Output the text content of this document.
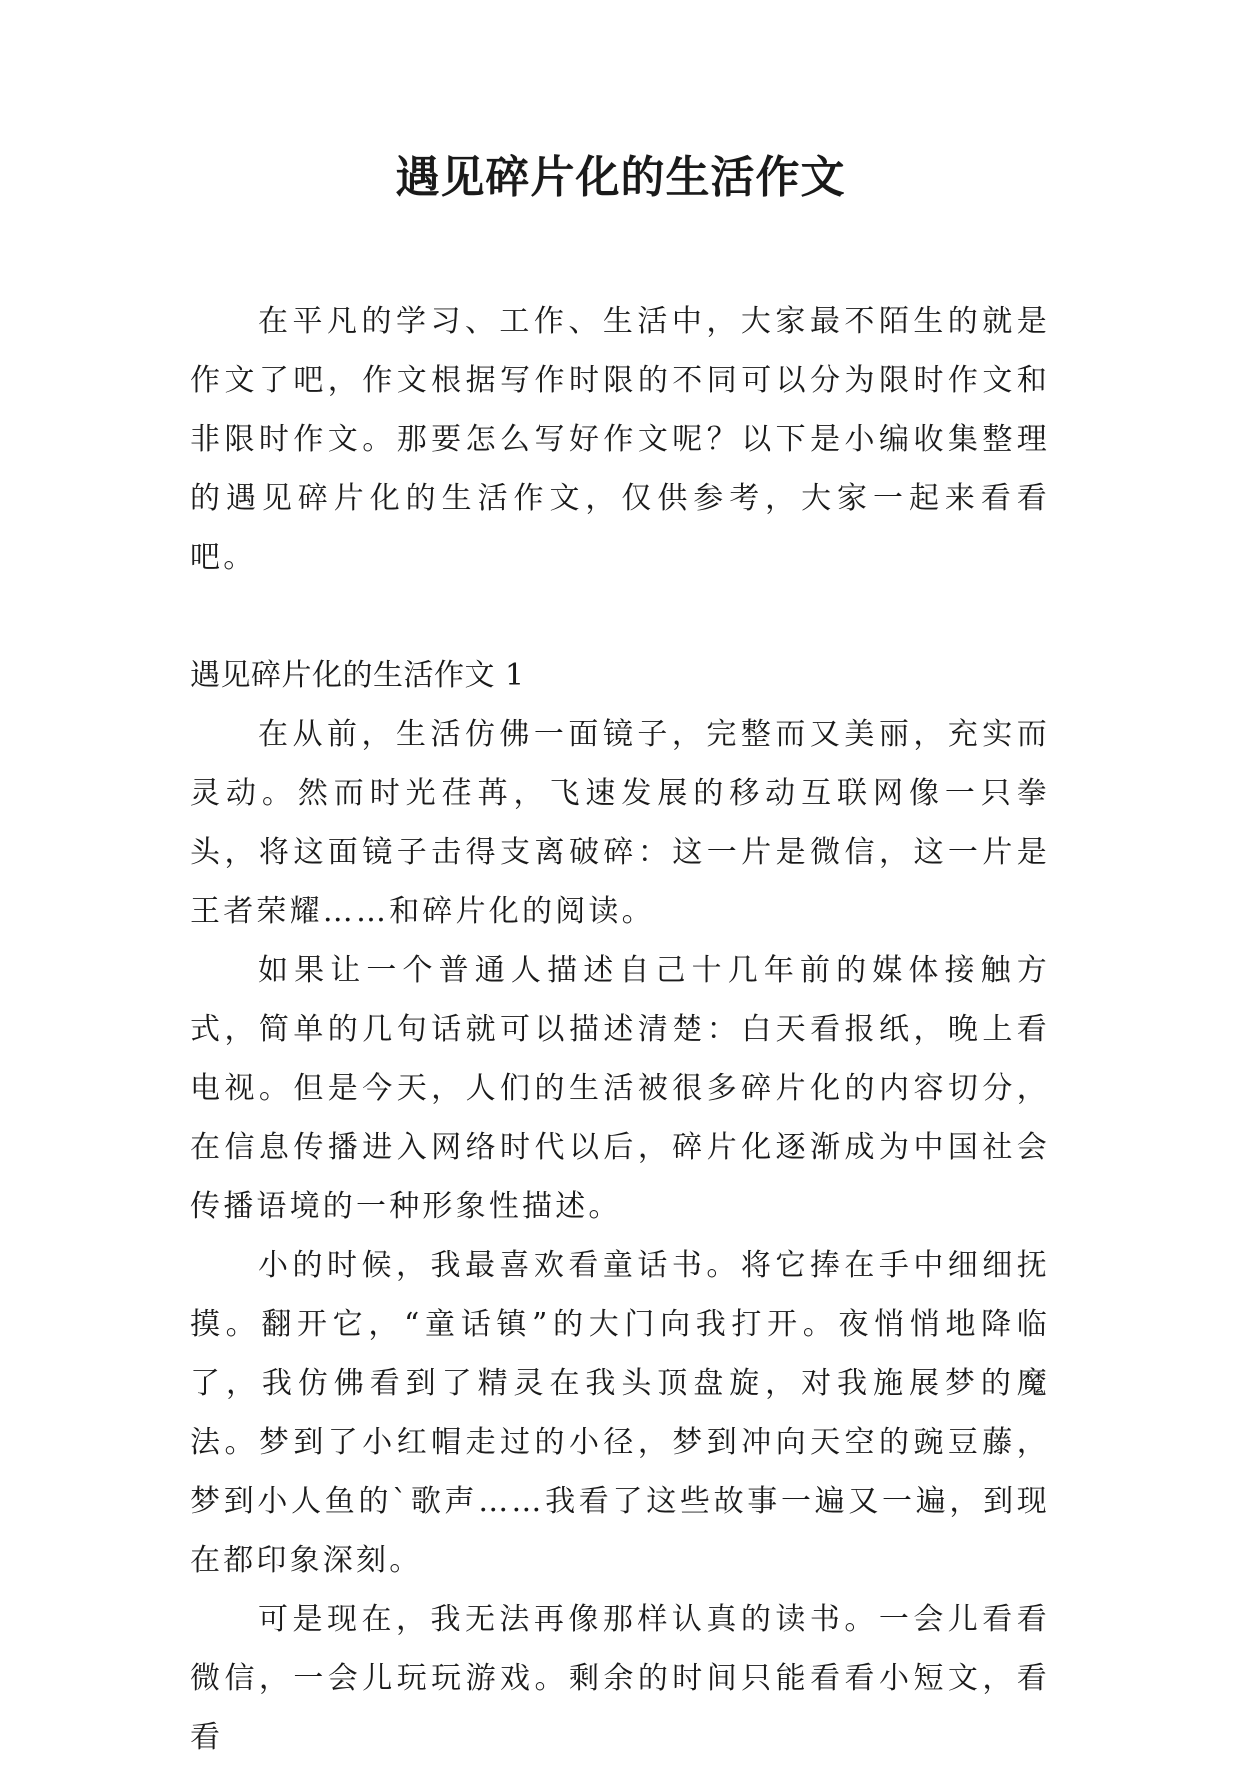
遇见碎片化的生活作文

在平凡的学习、工作、生活中，大家最不陌生的就是作文了吧，作文根据写作时限的不同可以分为限时作文和非限时作文。那要怎么写好作文呢？以下是小编收集整理的遇见碎片化的生活作文，仅供参考，大家一起来看看吧。

遇见碎片化的生活作文 1

在从前，生活仿佛一面镜子，完整而又美丽，充实而灵动。然而时光荏苒，飞速发展的移动互联网像一只拳头，将这面镜子击得支离破碎：这一片是微信，这一片是王者荣耀……和碎片化的阅读。

如果让一个普通人描述自己十几年前的媒体接触方式，简单的几句话就可以描述清楚：白天看报纸，晚上看电视。但是今天，人们的生活被很多碎片化的内容切分，在信息传播进入网络时代以后，碎片化逐渐成为中国社会传播语境的一种形象性描述。

小的时候，我最喜欢看童话书。将它捧在手中细细抚摸。翻开它，“童话镇”的大门向我打开。夜悄悄地降临了，我仿佛看到了精灵在我头顶盘旋，对我施展梦的魔法。梦到了小红帽走过的小径，梦到冲向天空的豌豆藤，梦到小人鱼的`歌声……我看了这些故事一遍又一遍，到现在都印象深刻。

可是现在，我无法再像那样认真的读书。一会儿看看微信，一会儿玩玩游戏。剩余的时间只能看看小短文，看看
